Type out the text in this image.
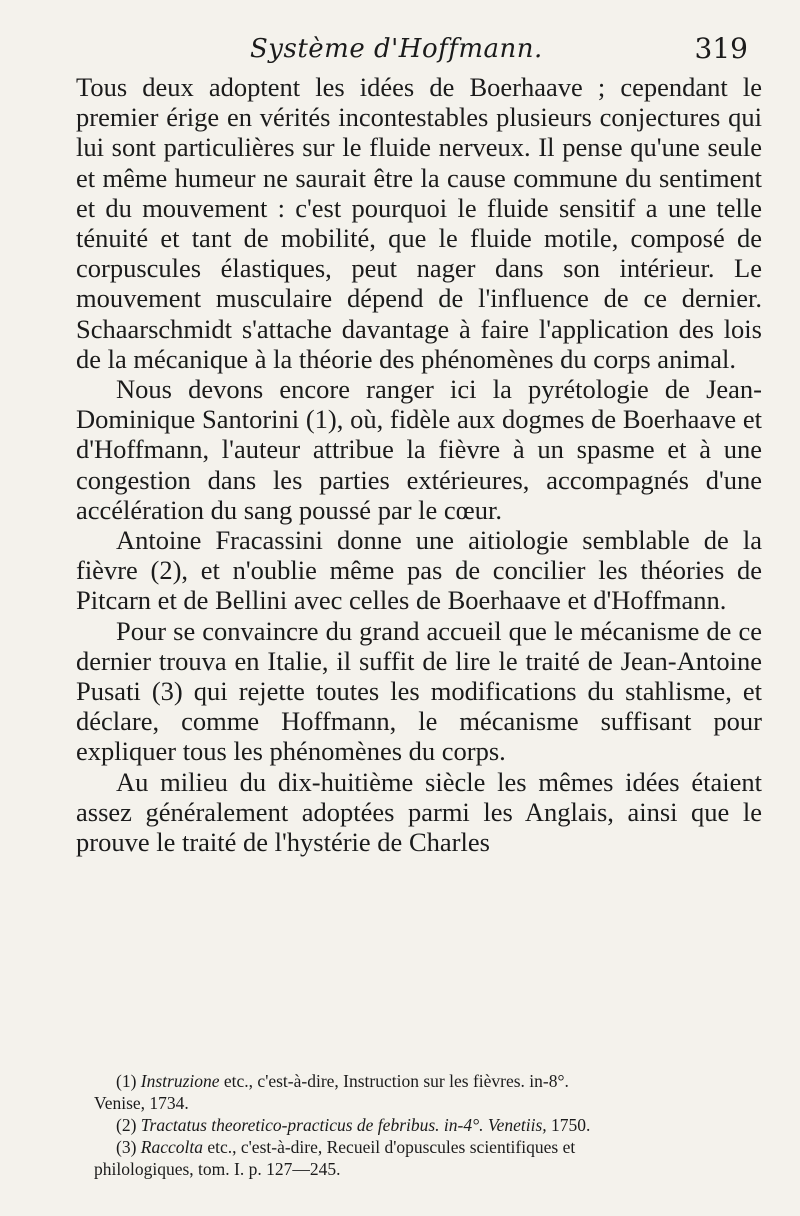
Système d'Hoffmann.	319

Tous deux adoptent les idées de Boerhaave ; cependant le premier érige en vérités incontestables plusieurs conjectures qui lui sont particulières sur le fluide nerveux. Il pense qu'une seule et même humeur ne saurait être la cause commune du sentiment et du mouvement : c'est pourquoi le fluide sensitif a une telle ténuité et tant de mobilité, que le fluide motile, composé de corpuscules élastiques, peut nager dans son intérieur. Le mouvement musculaire dépend de l'influence de ce dernier. Schaarschmidt s'attache davantage à faire l'application des lois de la mécanique à la théorie des phénomènes du corps animal.

Nous devons encore ranger ici la pyrétologie de Jean-Dominique Santorini (1), où, fidèle aux dogmes de Boerhaave et d'Hoffmann, l'auteur attribue la fièvre à un spasme et à une congestion dans les parties extérieures, accompagnés d'une accélération du sang poussé par le cœur.

Antoine Fracassini donne une aitiologie semblable de la fièvre (2), et n'oublie même pas de concilier les théories de Pitcarn et de Bellini avec celles de Boerhaave et d'Hoffmann.

Pour se convaincre du grand accueil que le mécanisme de ce dernier trouva en Italie, il suffit de lire le traité de Jean-Antoine Pusati (3) qui rejette toutes les modifications du stahlisme, et déclare, comme Hoffmann, le mécanisme suffisant pour expliquer tous les phénomènes du corps.

Au milieu du dix-huitième siècle les mêmes idées étaient assez généralement adoptées parmi les Anglais, ainsi que le prouve le traité de l'hystérie de Charles

(1) Instruzione etc., c'est-à-dire, Instruction sur les fièvres. in-8°.

Venise, 1734.

(2) Tractatus theoretico-practicus de febribus. in-4°. Venetiis, 1750.

(3) Raccolta etc., c'est-à-dire, Recueil d'opuscules scientifiques et

philologiques, tom. I. p. 127—245.
